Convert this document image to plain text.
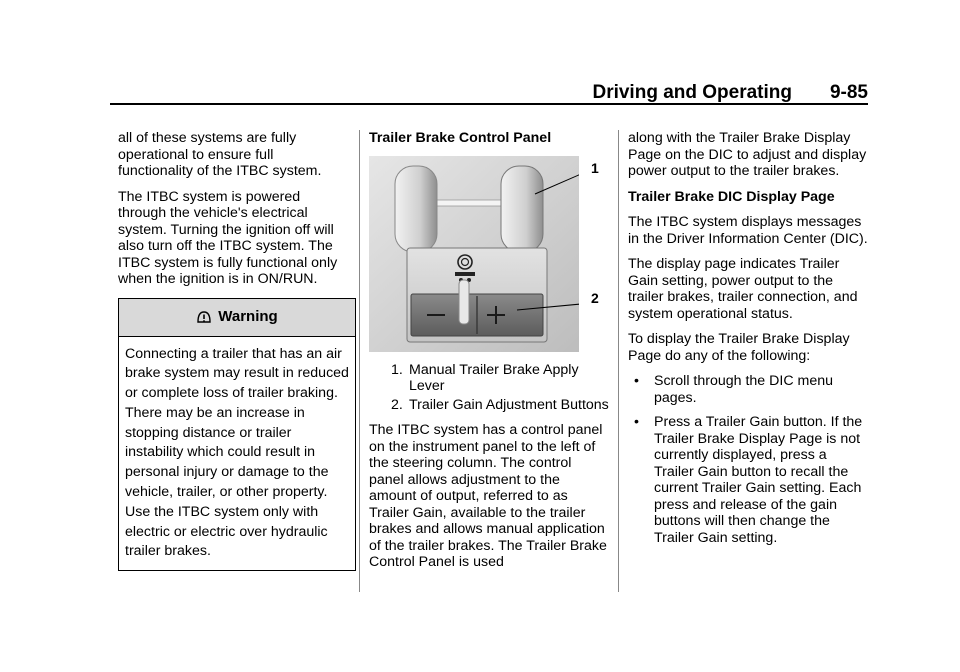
Driving and Operating 9-85

all of these systems are fully operational to ensure full functionality of the ITBC system.

The ITBC system is powered through the vehicle's electrical system. Turning the ignition off will also turn off the ITBC system. The ITBC system is fully functional only when the ignition is in ON/RUN.

Warning
Connecting a trailer that has an air brake system may result in reduced or complete loss of trailer braking. There may be an increase in stopping distance or trailer instability which could result in personal injury or damage to the vehicle, trailer, or other property. Use the ITBC system only with electric or electric over hydraulic trailer brakes.

Trailer Brake Control Panel

1
2
1. Manual Trailer Brake Apply Lever
2. Trailer Gain Adjustment Buttons

The ITBC system has a control panel on the instrument panel to the left of the steering column. The control panel allows adjustment to the amount of output, referred to as Trailer Gain, available to the trailer brakes and allows manual application of the trailer brakes. The Trailer Brake Control Panel is used

along with the Trailer Brake Display Page on the DIC to adjust and display power output to the trailer brakes.

Trailer Brake DIC Display Page

The ITBC system displays messages in the Driver Information Center (DIC).

The display page indicates Trailer Gain setting, power output to the trailer brakes, trailer connection, and system operational status.

To display the Trailer Brake Display Page do any of the following:

• Scroll through the DIC menu pages.
• Press a Trailer Gain button. If the Trailer Brake Display Page is not currently displayed, press a Trailer Gain button to recall the current Trailer Gain setting. Each press and release of the gain buttons will then change the Trailer Gain setting.
